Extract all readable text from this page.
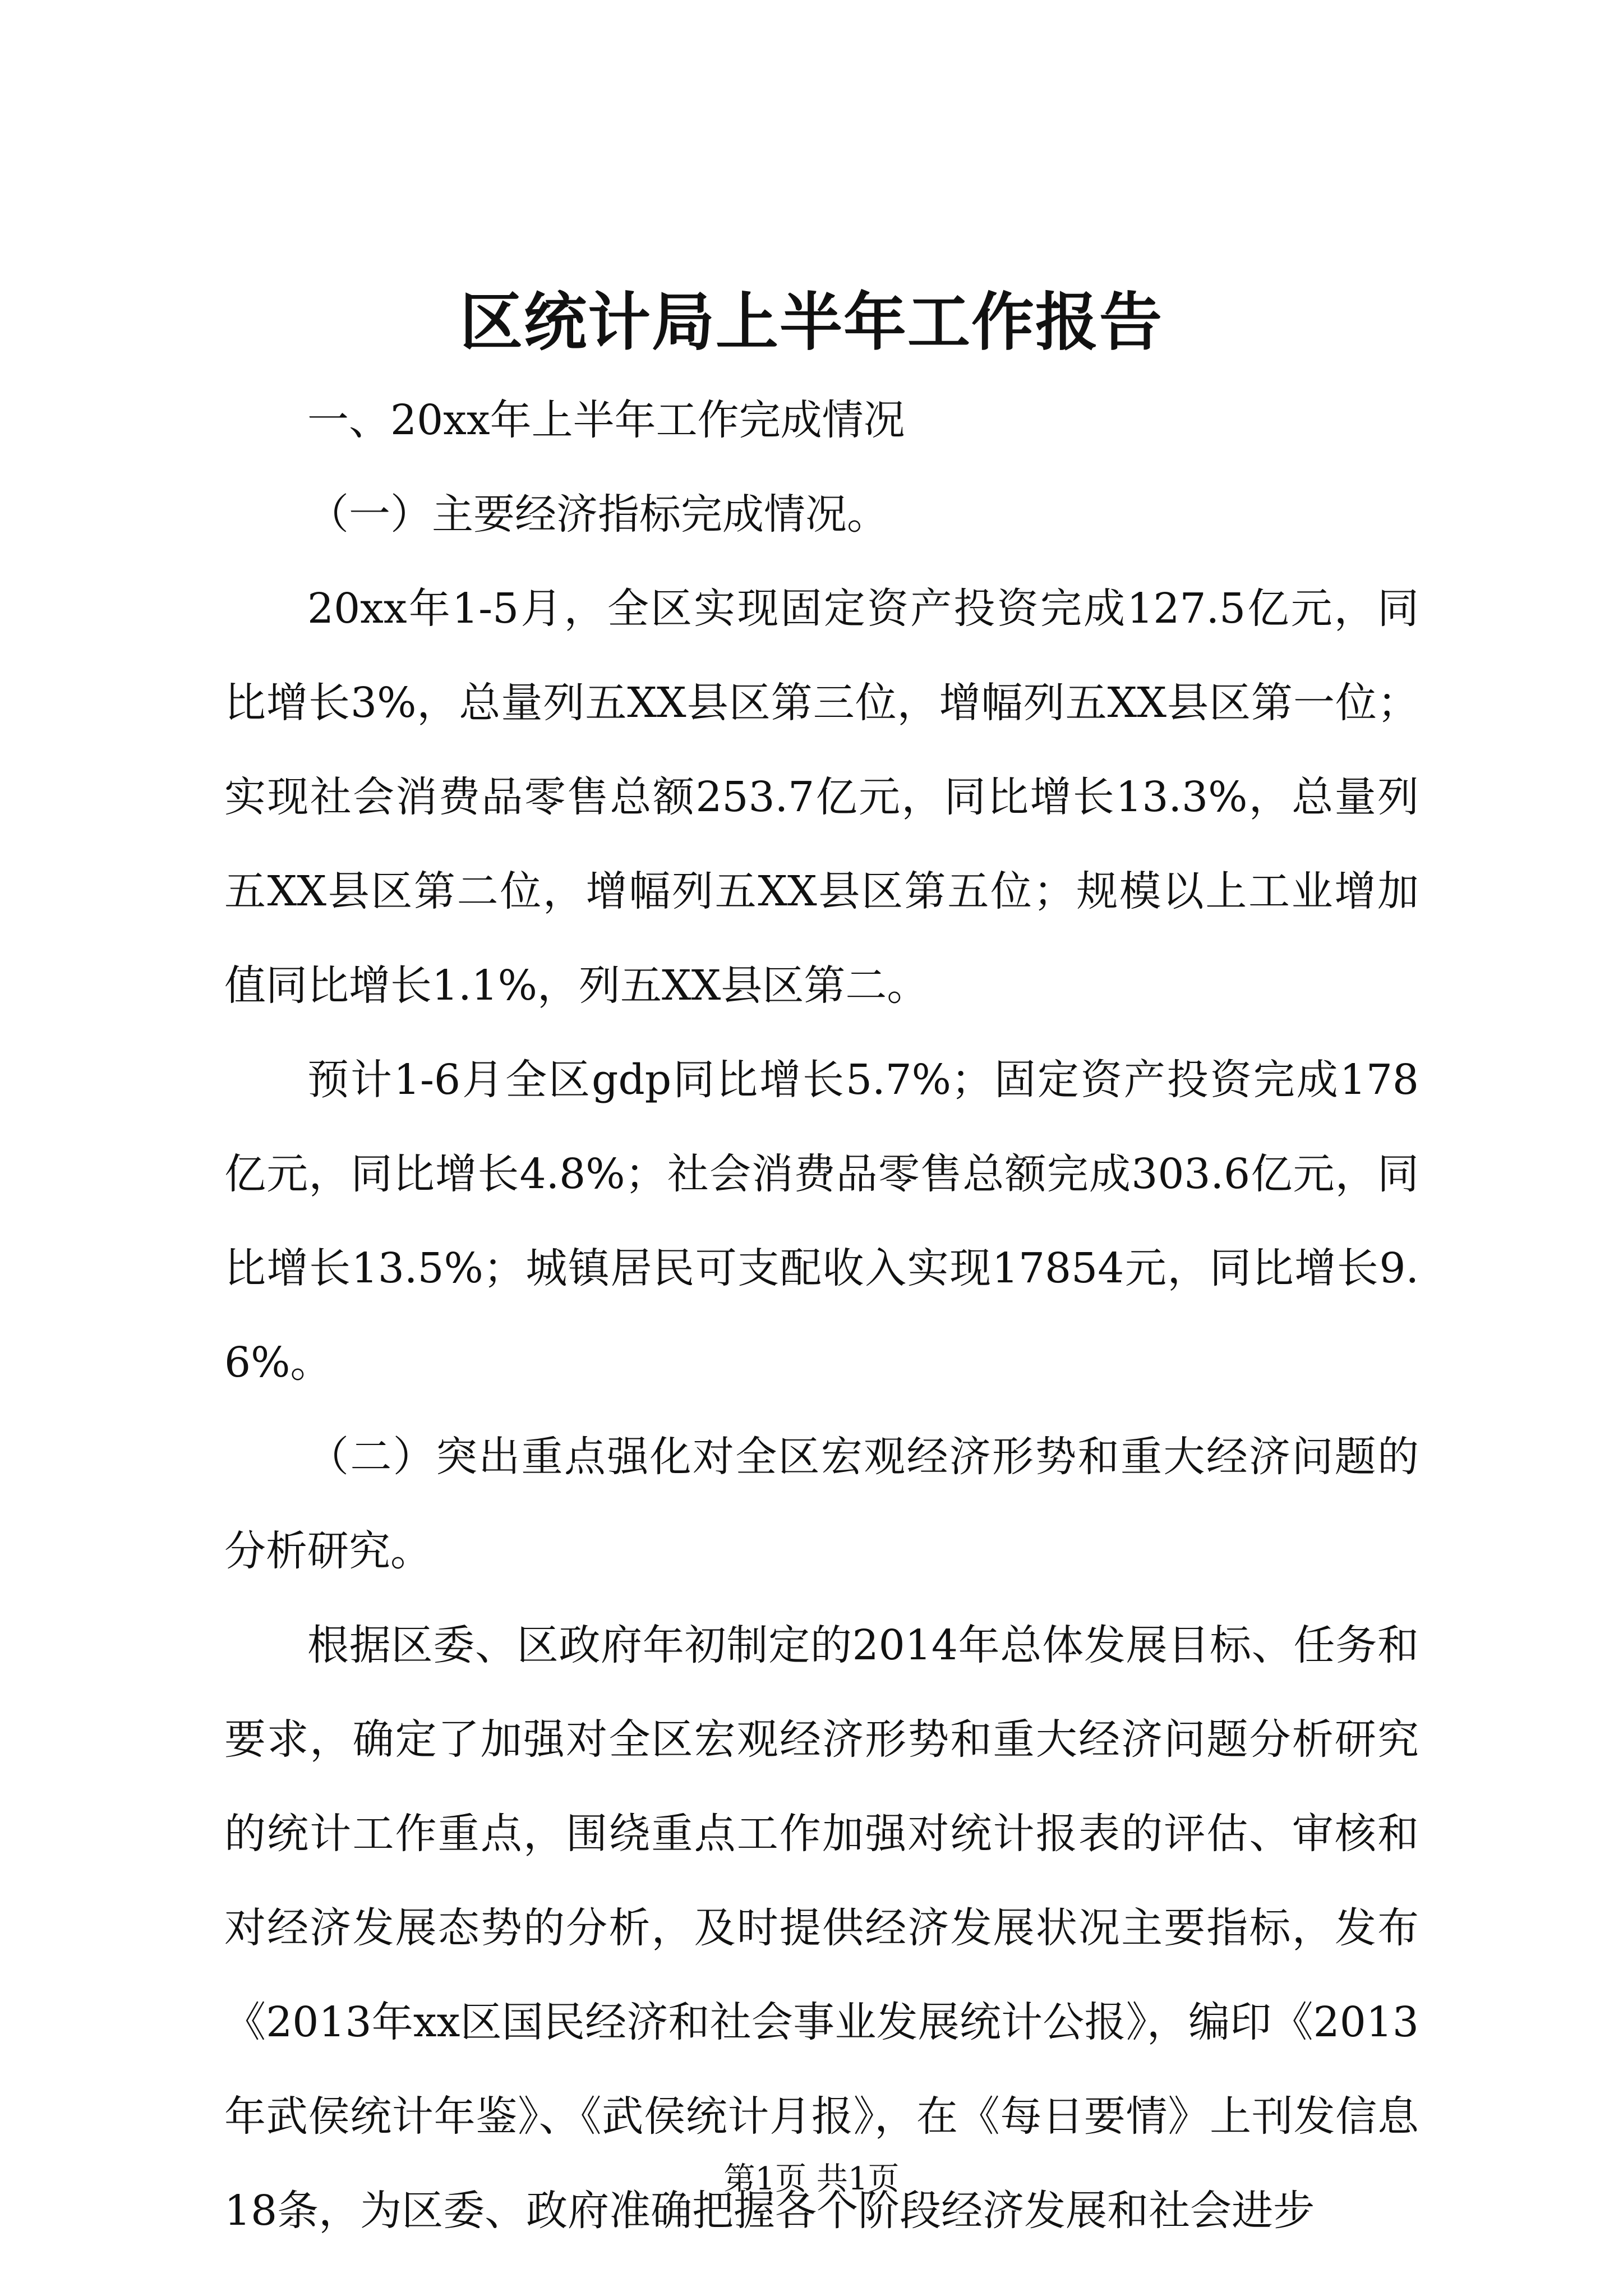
区统计局上半年工作报告

一、20xx年上半年工作完成情况

（一）主要经济指标完成情况。

20xx年1-5月，全区实现固定资产投资完成127.5亿元，同比增长3%，总量列五XX县区第三位，增幅列五XX县区第一位；实现社会消费品零售总额253.7亿元，同比增长13.3%，总量列五XX县区第二位，增幅列五XX县区第五位；规模以上工业增加值同比增长1.1%，列五XX县区第二。

预计1-6月全区gdp同比增长5.7%；固定资产投资完成178亿元，同比增长4.8%；社会消费品零售总额完成303.6亿元，同比增长13.5%；城镇居民可支配收入实现17854元，同比增长9.6%。

（二）突出重点强化对全区宏观经济形势和重大经济问题的分析研究。

根据区委、区政府年初制定的2014年总体发展目标、任务和要求，确定了加强对全区宏观经济形势和重大经济问题分析研究的统计工作重点，围绕重点工作加强对统计报表的评估、审核和对经济发展态势的分析，及时提供经济发展状况主要指标，发布《2013年xx区国民经济和社会事业发展统计公报》，编印《2013年武侯统计年鉴》、《武侯统计月报》，在《每日要情》上刊发信息18条，为区委、政府准确把握各个阶段经济发展和社会进步

第1页 共1页
